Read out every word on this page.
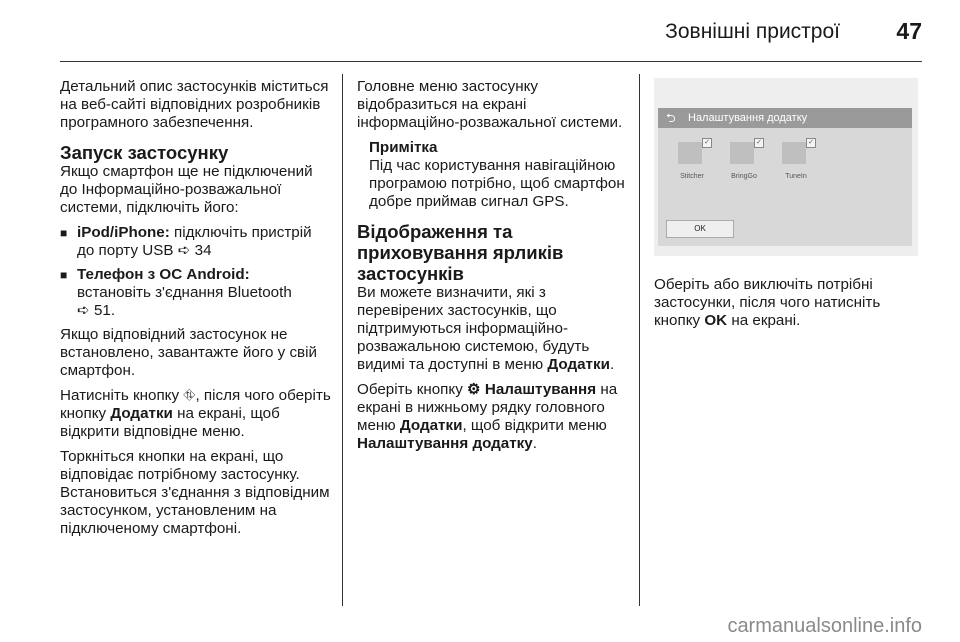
Зовнішні пристрої 47

Детальний опис застосунків міститься на веб-сайті відповідних розробників програмного забезпечення.

Запуск застосунку

Якщо смартфон ще не підключений до Інформаційно-розважальної системи, підключіть його:

■ iPod/iPhone: підключіть пристрій до порту USB ➪ 34
■ Телефон з ОС Android:
встановіть з'єднання Bluetooth
➪ 51.

Якщо відповідний застосунок не встановлено, завантажте його у свій смартфон.

Натисніть кнопку ⛗, після чого оберіть кнопку Додатки на екрані, щоб відкрити відповідне меню.

Торкніться кнопки на екрані, що відповідає потрібному застосунку. Встановиться з'єднання з відповідним застосунком, установленим на підключеному смартфоні.

Головне меню застосунку відобразиться на екрані інформаційно-розважальної системи.

Примітка
Під час користування навігаційною програмою потрібно, щоб смартфон добре приймав сигнал GPS.
Відображення та приховування ярликів застосунків

Ви можете визначити, які з перевірених застосунків, що підтримуються інформаційно-розважальною системою, будуть видимі та доступні в меню Додатки.

Оберіть кнопку ⚙ Налаштування на екрані в нижньому рядку головного меню Додатки, щоб відкрити меню Налаштування додатку.

⮌ Налаштування додатку
✓
Stitcher
✓
BringGo
✓
TuneIn
OK

Оберіть або виключіть потрібні застосунки, після чого натисніть кнопку OK на екрані.

carmanualsonline.info
